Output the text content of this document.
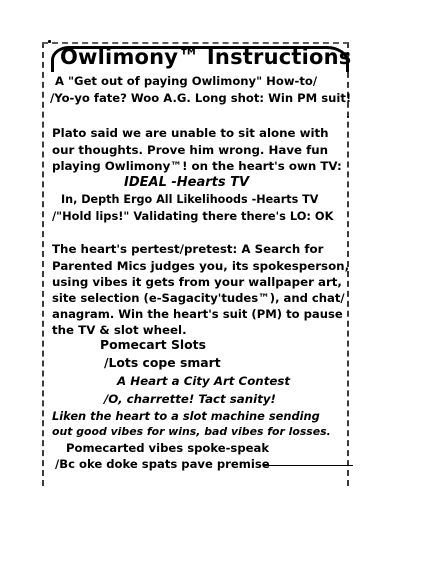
Owlimony™ Instructions
A "Get out of paying Owlimony" How-to/
/Yo-yo fate? Woo A.G. Long shot: Win PM suit!
Plato said we are unable to sit alone with
our thoughts. Prove him wrong. Have fun
playing Owlimony™! on the heart's own TV:
IDEAL -Hearts TV
In, Depth Ergo All Likelihoods -Hearts TV
/"Hold lips!" Validating there there's LO: OK
The heart's pertest/pretest: A Search for
Parented Mics judges you, its spokesperson,
using vibes it gets from your wallpaper art,
site selection (e-Sagacity'tudes™), and chat/
anagram. Win the heart's suit (PM) to pause
the TV & slot wheel.
Pomecart Slots
/Lots cope smart
A Heart a City Art Contest
/O, charrette! Tact sanity!
Liken the heart to a slot machine sending
out good vibes for wins, bad vibes for losses.
Pomecarted vibes spoke-speak
/Bc oke doke spats pave premise
